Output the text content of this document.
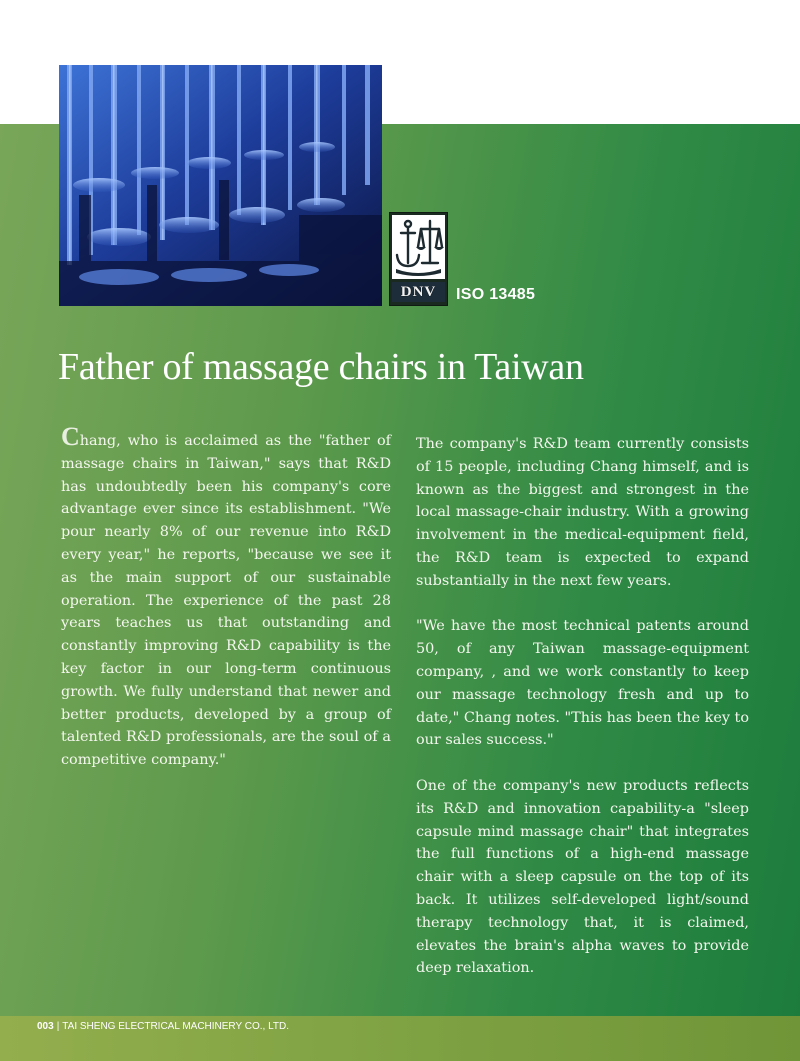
DNV ISO 13485
Father of massage chairs in Taiwan

Chang, who is acclaimed as the "father of massage chairs in Taiwan," says that R&D has undoubtedly been his company's core advantage ever since its establishment. "We pour nearly 8% of our revenue into R&D every year," he reports, "because we see it as the main support of our sustainable operation. The experience of the past 28 years teaches us that outstanding and constantly improving R&D capability is the key factor in our long-term continuous growth. We fully understand that newer and better products, developed by a group of talented R&D professionals, are the soul of a competitive company."

The company's R&D team currently consists of 15 people, including Chang himself, and is known as the biggest and strongest in the local massage-chair industry. With a growing involvement in the medical-equipment field, the R&D team is expected to expand substantially in the next few years.

"We have the most technical patents around 50, of any Taiwan massage-equipment company, , and we work constantly to keep our massage technology fresh and up to date," Chang notes. "This has been the key to our sales success."

One of the company's new products reflects its R&D and innovation capability-a "sleep capsule mind massage chair" that integrates the full functions of a high-end massage chair with a sleep capsule on the top of its back. It utilizes self-developed light/sound therapy technology that, it is claimed, elevates the brain's alpha waves to provide deep relaxation.

003 | TAI SHENG ELECTRICAL MACHINERY CO., LTD.
